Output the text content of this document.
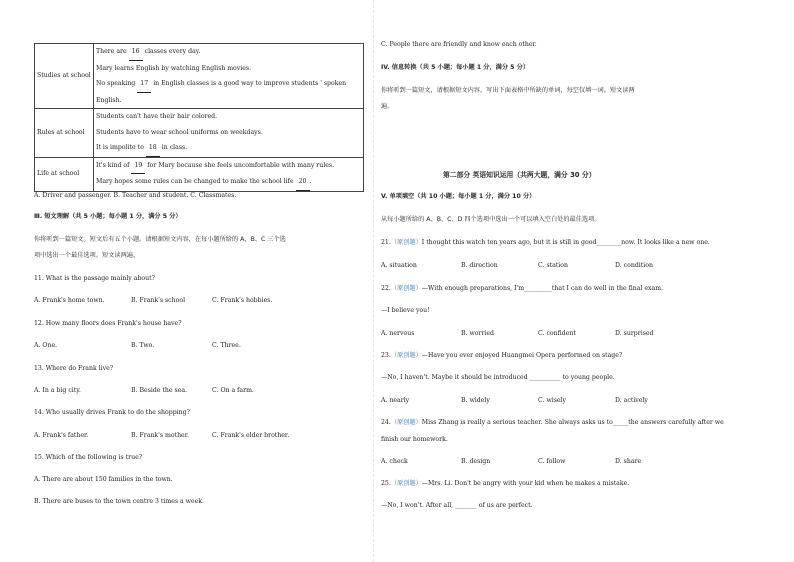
Studies at school	There are 16 classes every day.
Mary learns English by watching English movies.
No speaking 17 in English classes is a good way to improve students ' spoken
English.

Rules at school	Students can't have their hair colored.
Students have to wear school uniforms on weekdays.
It is impolite to 18 in class.

Life at school	It's kind of 19 for Mary because she feels uncomfortable with many rules.
Mary hopes some rules can be changed to make the school life 20 .
A. Driver and passenger. B. Teacher and student. C. Classmates.
Ⅲ. 短文理解（共 5 小题；每小题 1 分，满分 5 分）
你将听到一篇短文。短文后有五个小题。请根据短文内容，在每小题所给的 A、B、C 三个选
项中选出一个最佳选项。短文读两遍。
11. What is the passage mainly about?
A. Frank's home town.	B. Frank's school	C. Frank's hobbies.
12. How many floors does Frank's house have?
A. One.	B. Two.	C. Three.
13. Where do Frank live?
A. In a big city.	B. Beside the sea.	C. On a farm.
14. Who usually drives Frank to do the shopping?
A. Frank's father.	B. Frank's mother.	C. Frank's elder brother.
15. Which of the following is true?
A. There are about 150 families in the town.
B. There are buses to the town centre 3 times a week.
C. People there are friendly and know each other.
IV. 信息转换（共 5 小题；每小题 1 分，满分 5 分）
你将听到一篇短文，请根据短文内容，写出下面表格中所缺的单词，每空仅填一词。短文读两
遍。
第二部分 英语知识运用（共两大题，满分 30 分）
V. 单项填空（共 10 小题；每小题 1 分，满分 10 分）
从每小题所给的 A、B、C、D 四个选项中选出一个可以填入空白处的最佳选项。
21.（原创题）I thought this watch ten years ago, but it is still in good________now. It looks like a new one.
A. situation	B. direction	C. station	D. condition
22.（原创题）—With enough preparations, I'm_________that I can do well in the final exam.
—I believe you!
A. nervous	B. worried	C. confident	D. surprised
23.（原创题）—Have you ever enjoyed Huangmei Opera performed on stage?
—No, I haven't. Maybe it should be introduced __________ to young people.
A. nearly	B. widely	C. wisely	D. actively
24.（原创题）Miss Zhang is really a serious teacher. She always asks us to_____the answers carefully after we
finish our homework.
A. check	B. design	C. follow	D. share
25.（原创题）—Mrs. Li. Don't be angry with your kid when he makes a mistake.
—No, I won't. After all, _______ of us are perfect.
